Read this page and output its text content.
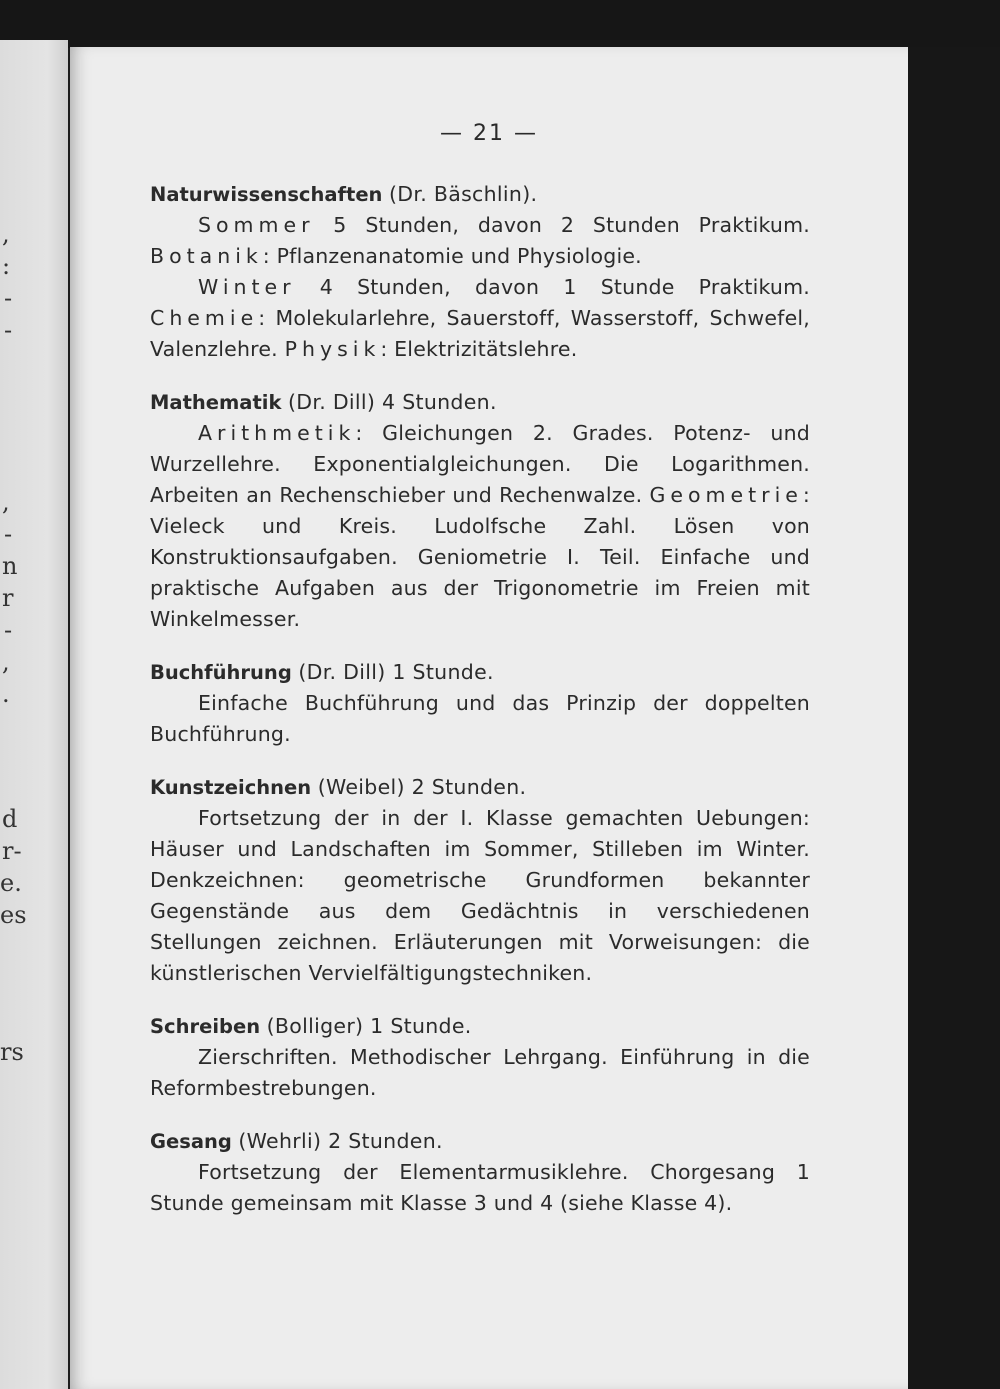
,
:
-
-
,
-
n
r
-
,
.
d
r-
e.
es
rs
— 21 —
Naturwissenschaften (Dr. Bäschlin).

Sommer 5 Stunden, davon 2 Stunden Praktikum. Botanik: Pflanzenanatomie und Physiologie.

Winter 4 Stunden, davon 1 Stunde Praktikum. Chemie: Molekularlehre, Sauerstoff, Wasserstoff, Schwefel, Valenzlehre. Physik: Elektrizitätslehre.

Mathematik (Dr. Dill) 4 Stunden.

Arithmetik: Gleichungen 2. Grades. Potenz- und Wurzellehre. Exponentialgleichungen. Die Logarithmen. Arbeiten an Rechenschieber und Rechenwalze. Geometrie: Vieleck und Kreis. Ludolfsche Zahl. Lösen von Konstruktionsaufgaben. Geniometrie I. Teil. Einfache und praktische Aufgaben aus der Trigonometrie im Freien mit Winkelmesser.

Buchführung (Dr. Dill) 1 Stunde.

Einfache Buchführung und das Prinzip der doppelten Buchführung.

Kunstzeichnen (Weibel) 2 Stunden.

Fortsetzung der in der I. Klasse gemachten Uebungen: Häuser und Landschaften im Sommer, Stilleben im Winter. Denkzeichnen: geometrische Grundformen bekannter Gegenstände aus dem Gedächtnis in verschiedenen Stellungen zeichnen. Erläuterungen mit Vorweisungen: die künstlerischen Vervielfältigungstechniken.

Schreiben (Bolliger) 1 Stunde.

Zierschriften. Methodischer Lehrgang. Einführung in die Reformbestrebungen.

Gesang (Wehrli) 2 Stunden.

Fortsetzung der Elementarmusiklehre. Chorgesang 1 Stunde gemeinsam mit Klasse 3 und 4 (siehe Klasse 4).
